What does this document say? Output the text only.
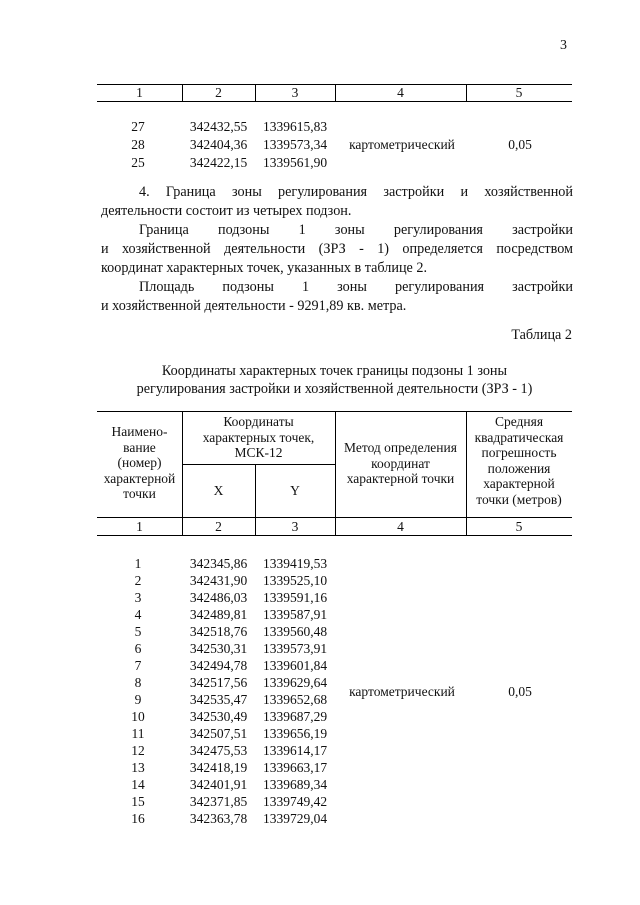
3
1	2	3	4	5
27	342432,55	1339615,83
28	342404,36	1339573,34
25	342422,15	1339561,90
картометрический	0,05
4. Граница зоны регулирования застройки и хозяйственной
деятельности состоит из четырех подзон.
Граница подзоны 1 зоны регулирования застройки
и хозяйственной деятельности (ЗРЗ - 1) определяется посредством
координат характерных точек, указанных в таблице 2.
Площадь подзоны 1 зоны регулирования застройки
и хозяйственной деятельности - 9291,89 кв. метра.
Таблица 2
Координаты характерных точек границы подзоны 1 зоны
регулирования застройки и хозяйственной деятельности (ЗРЗ - 1)
Наимено-
вание
(номер)
характерной
точки
Координаты
характерных точек,
МСК-12
X	Y
Метод определения
координат
характерной точки
Средняя
квадратическая
погрешность
положения
характерной
точки (метров)
1	2	3	4	5
1	342345,86	1339419,53
2	342431,90	1339525,10
3	342486,03	1339591,16
4	342489,81	1339587,91
5	342518,76	1339560,48
6	342530,31	1339573,91
7	342494,78	1339601,84
8	342517,56	1339629,64
9	342535,47	1339652,68
10	342530,49	1339687,29
11	342507,51	1339656,19
12	342475,53	1339614,17
13	342418,19	1339663,17
14	342401,91	1339689,34
15	342371,85	1339749,42
16	342363,78	1339729,04
картометрический	0,05
